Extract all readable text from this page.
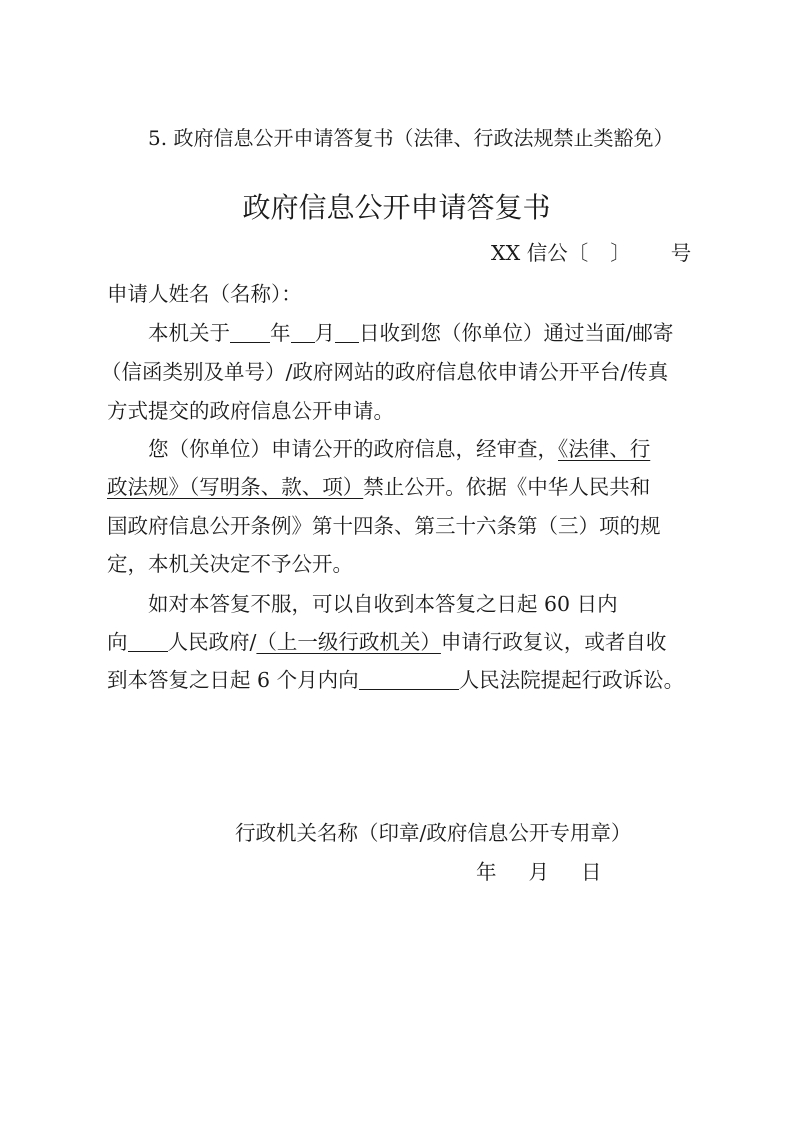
5. 政府信息公开申请答复书（法律、行政法规禁止类豁免）
政府信息公开申请答复书
XX 信公〔 〕 号
申请人姓名（名称）：
本机关于 年 月 日收到您（你单位）通过当面/邮寄
（信函类别及单号）/政府网站的政府信息依申请公开平台/传真
方式提交的政府信息公开申请。
您（你单位）申请公开的政府信息，经审查，《法律、行
政法规》（写明条、款、项）禁止公开。依据《中华人民共和
国政府信息公开条例》第十四条、第三十六条第（三）项的规
定，本机关决定不予公开。
如对本答复不服，可以自收到本答复之日起 60 日内
向 人民政府/（上一级行政机关）申请行政复议，或者自收
到本答复之日起 6 个月内向	人民法院提起行政诉讼。
行政机关名称（印章/政府信息公开专用章）
年 月 日
